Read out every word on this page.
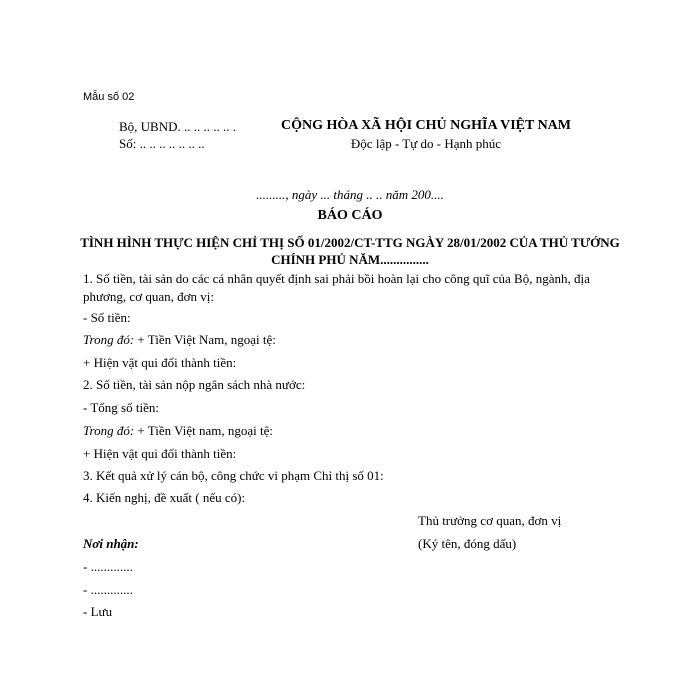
Mẫu số 02
Bộ, UBND. .. .. .. .. .. .
Số: .. .. .. .. .. .. ..
CỘNG HÒA XÃ HỘI CHỦ NGHĨA VIỆT NAM
Độc lập - Tự do - Hạnh phúc
........., ngày ... tháng .. .. năm 200....
BÁO CÁO
TÌNH HÌNH THỰC HIỆN CHỈ THỊ SỐ 01/2002/CT-TTG NGÀY 28/01/2002 CỦA THỦ TƯỚNG CHÍNH PHỦ NĂM...............
1. Số tiền, tài sản do các cá nhân quyết định sai phải bồi hoàn lại cho công quĩ của Bộ, ngành, địa phương, cơ quan, đơn vị:
- Số tiền:
Trong đó: + Tiền Việt Nam, ngoại tệ:
+ Hiện vật qui đổi thành tiền:
2. Số tiền, tài sản nộp ngân sách nhà nước:
- Tổng số tiền:
Trong đó: + Tiền Việt nam, ngoại tệ:
+ Hiện vật qui đổi thành tiền:
3. Kết quả xử lý cán bộ, công chức vi phạm Chỉ thị số 01:
4. Kiến nghị, đề xuất ( nếu có):
Thủ trưởng cơ quan, đơn vị
(Ký tên, đóng dấu)
Nơi nhận:
- .............
- .............
- Lưu
